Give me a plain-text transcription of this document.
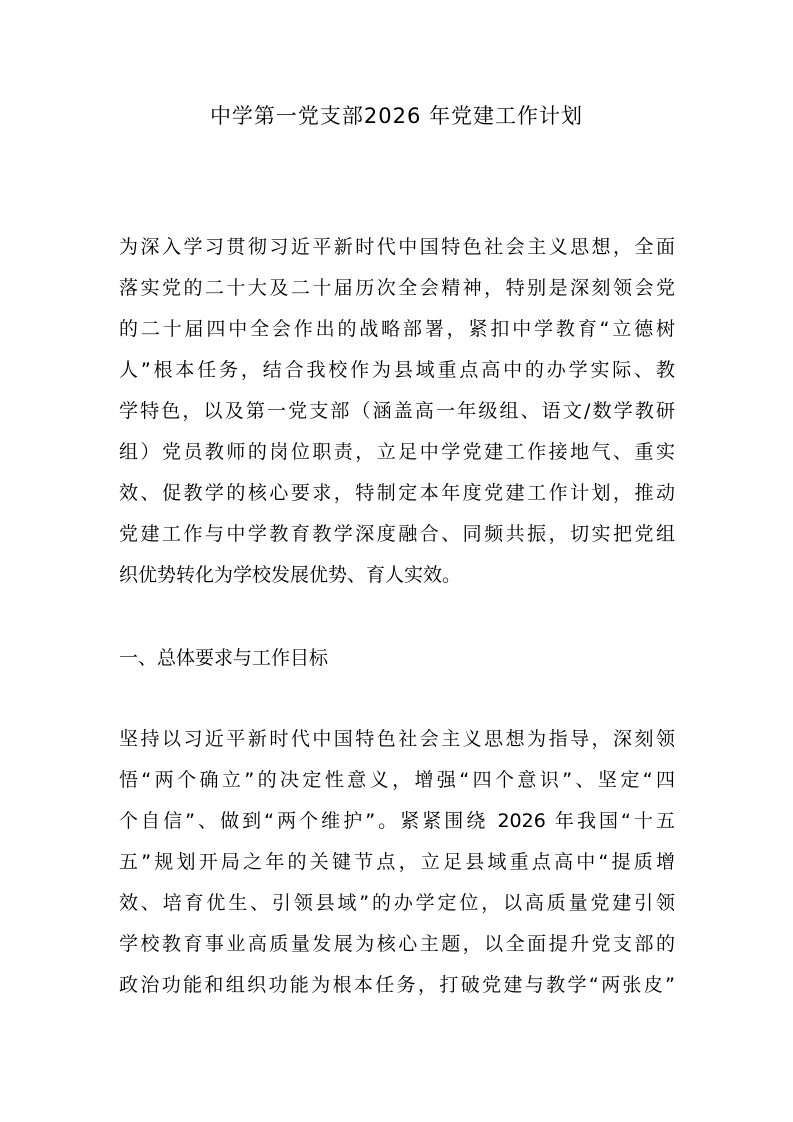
中学第一党支部2026 年党建工作计划
为深入学习贯彻习近平新时代中国特色社会主义思想，全面
落实党的二十大及二十届历次全会精神，特别是深刻领会党
的二十届四中全会作出的战略部署，紧扣中学教育“立德树
人”根本任务，结合我校作为县域重点高中的办学实际、教
学特色，以及第一党支部（涵盖高一年级组、语文/数学教研
组）党员教师的岗位职责，立足中学党建工作接地气、重实
效、促教学的核心要求，特制定本年度党建工作计划，推动
党建工作与中学教育教学深度融合、同频共振，切实把党组
织优势转化为学校发展优势、育人实效。
一、总体要求与工作目标
坚持以习近平新时代中国特色社会主义思想为指导，深刻领
悟“两个确立”的决定性意义，增强“四个意识”、坚定“四
个自信”、做到“两个维护”。紧紧围绕 2026 年我国“十五
五”规划开局之年的关键节点，立足县域重点高中“提质增
效、培育优生、引领县域”的办学定位，以高质量党建引领
学校教育事业高质量发展为核心主题，以全面提升党支部的
政治功能和组织功能为根本任务，打破党建与教学“两张皮”
